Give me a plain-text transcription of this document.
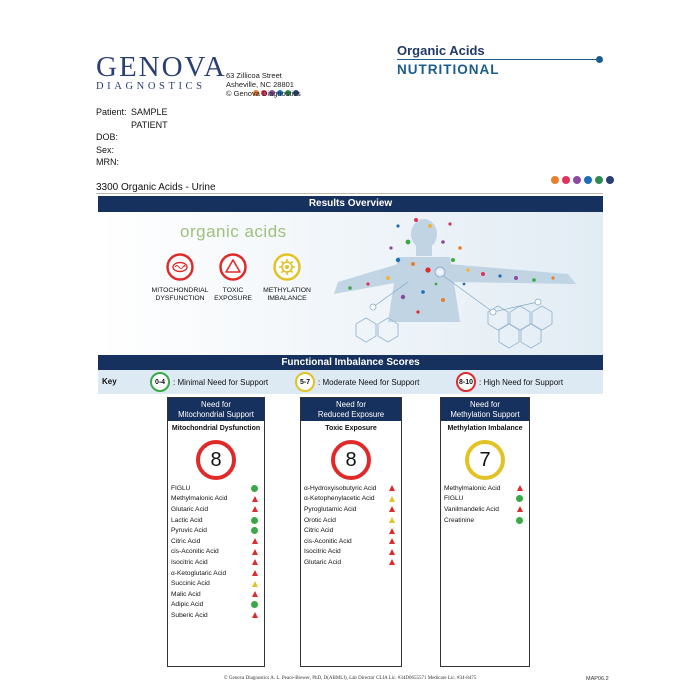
GENOVA
DIAGNOSTICS
63 Zillicoa Street
Asheville, NC 28801
© Genova Diagnostics
Organic Acids
NUTRITIONAL
Patient: SAMPLE
PATIENT
DOB:
Sex:
MRN:
3300 Organic Acids - Urine
Results Overview
organic acids
MITOCHONDRIAL
DYSFUNCTION
TOXIC
EXPOSURE
METHYLATION
IMBALANCE
Functional Imbalance Scores
Key	0-4 : Minimal Need for Support	5-7 : Moderate Need for Support	8-10 : High Need for Support
Need for
Mitochondrial Support
Mitochondrial Dysfunction
8
FIGLU
Methylmalonic Acid
Glutaric Acid
Lactic Acid
Pyruvic Acid
Citric Acid
cis-Aconitic Acid
Isocitric Acid
α-Ketoglutaric Acid
Succinic Acid
Malic Acid
Adipic Acid
Suberic Acid
Need for
Reduced Exposure
Toxic Exposure
8
α-Hydroxyisobutyric Acid
α-Ketophenylacetic Acid
Pyroglutamic Acid
Orotic Acid
Citric Acid
cis-Aconitic Acid
Isocitric Acid
Glutaric Acid
Need for
Methylation Support
Methylation Imbalance
7
Methylmalonic Acid
FIGLU
Vanilmandelic Acid
Creatinine
© Genova Diagnostics A. L. Peace-Brewer, PhD, D(ABMLI), Lab Director CLIA Lic. #34D0655571 Medicare Lic. #34-8475	MAP06.2
